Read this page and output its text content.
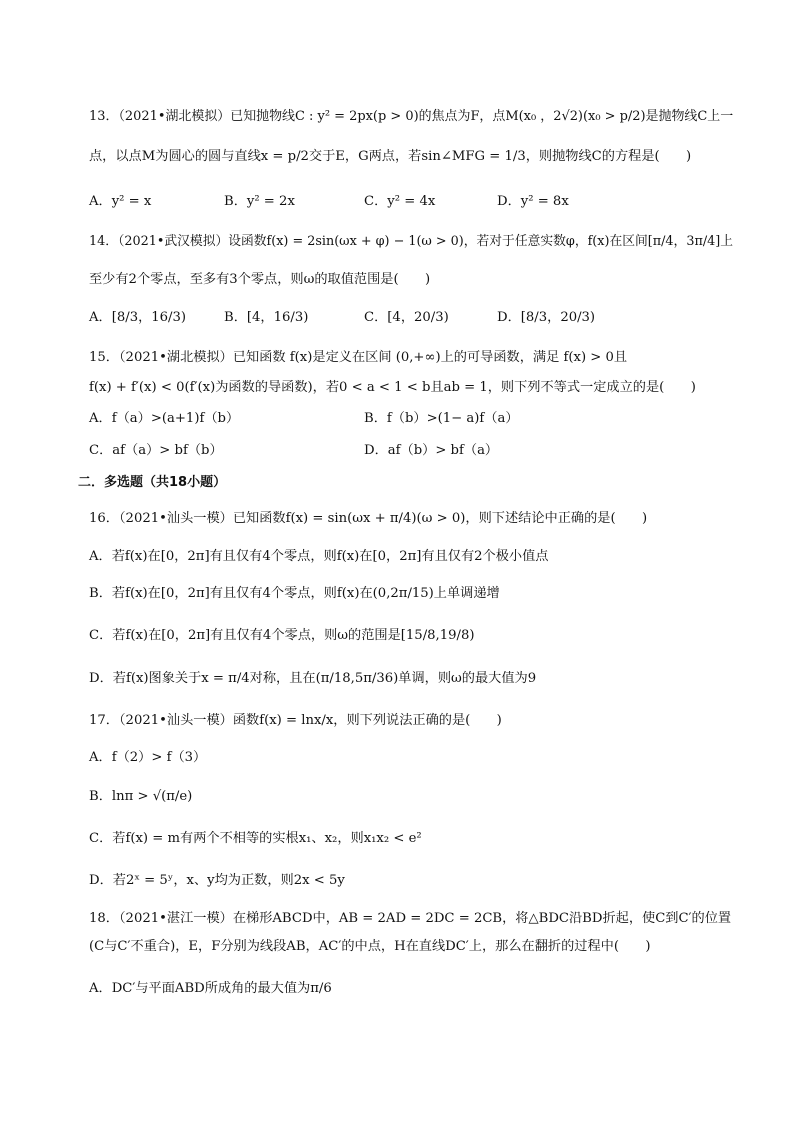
13．（2021•湖北模拟）已知抛物线C : y² = 2px(p > 0)的焦点为F，点M(x₀ ，2√2)(x₀ > p/2)是抛物线C上一
点，以点M为圆心的圆与直线x = p/2交于E，G两点，若sin∠MFG = 1/3，则抛物线C的方程是(　　)
A．y² = x	B．y² = 2x	C．y² = 4x	D．y² = 8x
14．（2021•武汉模拟）设函数f(x) = 2sin(ωx + φ) − 1(ω > 0)，若对于任意实数φ，f(x)在区间[π/4，3π/4]上
至少有2个零点，至多有3个零点，则ω的取值范围是(　　)
A．[8/3，16/3)	B．[4，16/3)	C．[4，20/3)	D．[8/3，20/3)
15．（2021•湖北模拟）已知函数 f(x)是定义在区间 (0,+∞)上的可导函数，满足 f(x) > 0且
f(x) + f′(x) < 0(f′(x)为函数的导函数)，若0 < a < 1 < b且ab = 1，则下列不等式一定成立的是(　　)
A．f（a）>(a+1)f（b）	B．f（b）>(1− a)f（a）
C．af（a）> bf（b）	D．af（b）> bf（a）
二．多选题（共18小题）
16．（2021•汕头一模）已知函数f(x) = sin(ωx + π/4)(ω > 0)，则下述结论中正确的是(　　)
A．若f(x)在[0，2π]有且仅有4个零点，则f(x)在[0，2π]有且仅有2个极小值点
B．若f(x)在[0，2π]有且仅有4个零点，则f(x)在(0,2π/15)上单调递增
C．若f(x)在[0，2π]有且仅有4个零点，则ω的范围是[15/8,19/8)
D．若f(x)图象关于x = π/4对称，且在(π/18,5π/36)单调，则ω的最大值为9
17．（2021•汕头一模）函数f(x) = lnx/x，则下列说法正确的是(　　)
A．f（2）> f（3）
B．lnπ > √(π/e)
C．若f(x) = m有两个不相等的实根x₁、x₂，则x₁x₂ < e²
D．若2ˣ = 5ʸ，x、y均为正数，则2x < 5y
18．（2021•湛江一模）在梯形ABCD中，AB = 2AD = 2DC = 2CB，将△BDC沿BD折起，使C到C′的位置
(C与C′不重合)，E，F分别为线段AB，AC′的中点，H在直线DC′上，那么在翻折的过程中(　　)
A．DC′与平面ABD所成角的最大值为π/6
